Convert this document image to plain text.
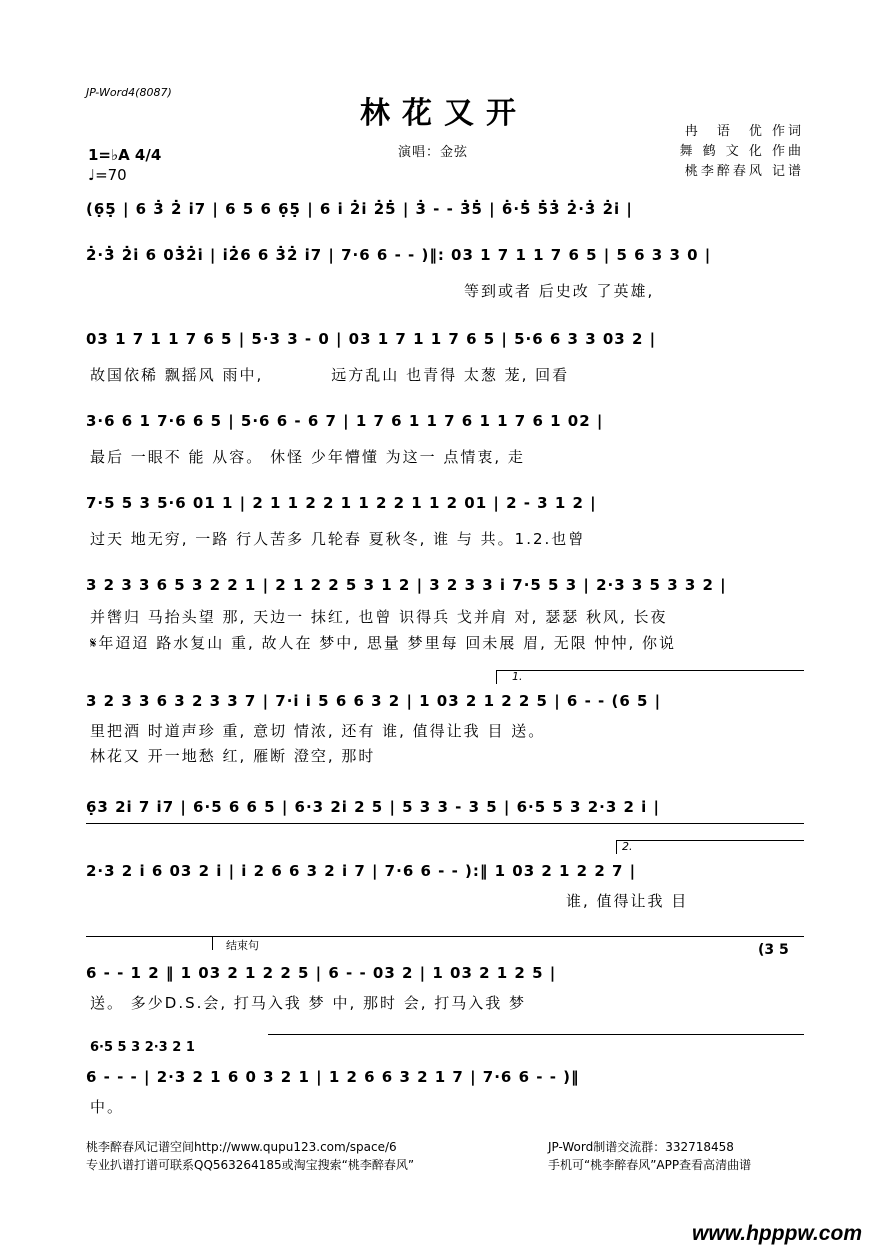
JP-Word4(8087)
林花又开
冉　语　优 作词
舞 鹤 文 化 作曲
桃李醉春风 记谱
演唱：金弦
1=♭A 4/4
♩=70
(6̣5̣ | 6 3̇ 2̇ i̇7 | 6 5 6 6̣5̣ | 6 i̇ 2̇i̇ 2̇5̇ | 3̇ - - 3̇5̇ | 6̇·5̇ 5̇3̇ 2̇·3̇ 2̇i̇ |
2̇·3̇ 2̇i̇ 6 03̇2̇i̇ | i̇2̇6 6 3̇2̇ i̇7 | 7·6 6 - - )‖: 03 1 7 1 1 7 6 5 | 5 6 3 3 0 |
　　　　　　　　　　　　　　　　　　　　　　等到或者 后史改 了英雄,
03 1 7 1 1 7 6 5 | 5·3 3 - 0 | 03 1 7 1 1 7 6 5 | 5·6 6 3 3 03 2 |
故国依稀 飘摇风 雨中,　　　　远方乱山 也青得 太葱 茏, 回看
3·6 6 1 7·6 6 5 | 5·6 6 - 6 7 | 1 7 6 1 1 7 6 1 1 7 6 1 02 |
最后 一眼不 能 从容。 休怪 少年懵懂 为这一 点情衷, 走
7·5 5 3 5·6 01 1 | 2 1 1 2 2 1 1 2 2 1 1 2 01 | 2 - 3 1 2 |
过天 地无穷, 一路 行人苦多 几轮春 夏秋冬, 谁 与 共。1.2.也曾
3 2 3 3 6 5 3 2 2 1 | 2 1 2 2 5 3 1 2 | 3 2 3 3 i 7·5 5 3 | 2·3 3 5 3 3 2 |
并辔归 马抬头望 那, 天边一 抹红, 也曾 识得兵 戈并肩 对, 瑟瑟 秋风, 长夜
𝄋年迢迢 路水复山 重, 故人在 梦中, 思量 梦里每 回未展 眉, 无限 忡忡, 你说
1.
3 2 3 3 6 3 2 3 3 7 | 7·i i 5 6 6 3 2 | 1 03 2 1 2 2 5 | 6 - - (6 5 |
里把酒 时道声珍 重, 意切 情浓, 还有 谁, 值得让我 目 送。
林花又 开一地愁 红, 雁断 澄空, 那时
6̣3 2i 7 i7 | 6·5 6 6 5 | 6·3 2i 2 5 | 5 3 3 - 3 5 | 6·5 5 3 2·3 2 i |
2.
2·3 2 i 6 03 2 i | i 2 6 6 3 2 i 7 | 7·6 6 - - ):‖ 1 03 2 1 2 2 7 |
　　　　　　　　　　　　　　　　　　　　　　　　　　　　谁, 值得让我 目
结束句	(3 5
6 - - 1 2 ‖ 1 03 2 1 2 2 5 | 6 - - 03 2 | 1 03 2 1 2 5 |
送。 多少D.S.会, 打马入我 梦 中, 那时 会, 打马入我 梦
6·5 5 3 2·3 2 1
6 - - - | 2·3 2 1 6 0 3 2 1 | 1 2 6 6 3 2 1 7 | 7·6 6 - - )‖
中。
桃李醉春风记谱空间http://www.qupu123.com/space/6
专业扒谱打谱可联系QQ563264185或淘宝搜索“桃李醉春风”
JP-Word制谱交流群：332718458
手机可“桃李醉春风”APP查看高清曲谱
www.hpppw.com
